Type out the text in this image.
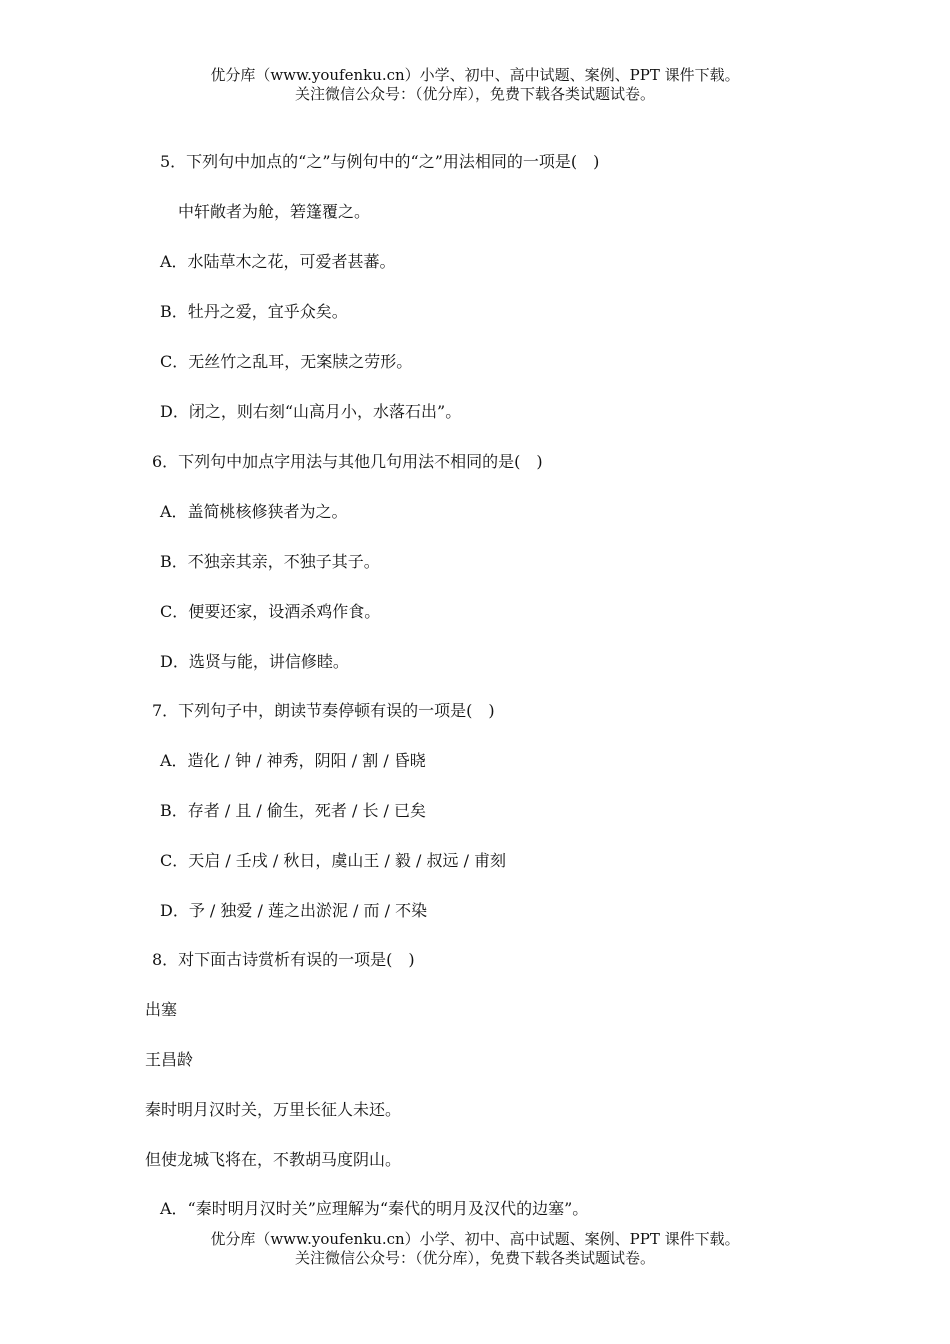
优分库（www.youfenku.cn）小学、初中、高中试题、案例、PPT 课件下载。
关注微信公众号：（优分库），免费下载各类试题试卷。
5．下列句中加点的“之”与例句中的“之”用法相同的一项是(　)
中轩敞者为舱，箬篷覆之。
A．水陆草木之花，可爱者甚蕃。
B．牡丹之爱，宜乎众矣。
C．无丝竹之乱耳，无案牍之劳形。
D．闭之，则右刻“山高月小，水落石出”。
6．下列句中加点字用法与其他几句用法不相同的是(　)
A．盖简桃核修狭者为之。
B．不独亲其亲，不独子其子。
C．便要还家，设酒杀鸡作食。
D．选贤与能，讲信修睦。
7．下列句子中，朗读节奏停顿有误的一项是(　)
A．造化 / 钟 / 神秀，阴阳 / 割 / 昏晓
B．存者 / 且 / 偷生，死者 / 长 / 已矣
C．天启 / 壬戌 / 秋日，虞山王 / 毅 / 叔远 / 甫刻
D．予 / 独爱 / 莲之出淤泥 / 而 / 不染
8．对下面古诗赏析有误的一项是(　)
出塞
王昌龄
秦时明月汉时关，万里长征人未还。
但使龙城飞将在，不教胡马度阴山。
A．“秦时明月汉时关”应理解为“秦代的明月及汉代的边塞”。
优分库（www.youfenku.cn）小学、初中、高中试题、案例、PPT 课件下载。
关注微信公众号：（优分库），免费下载各类试题试卷。
